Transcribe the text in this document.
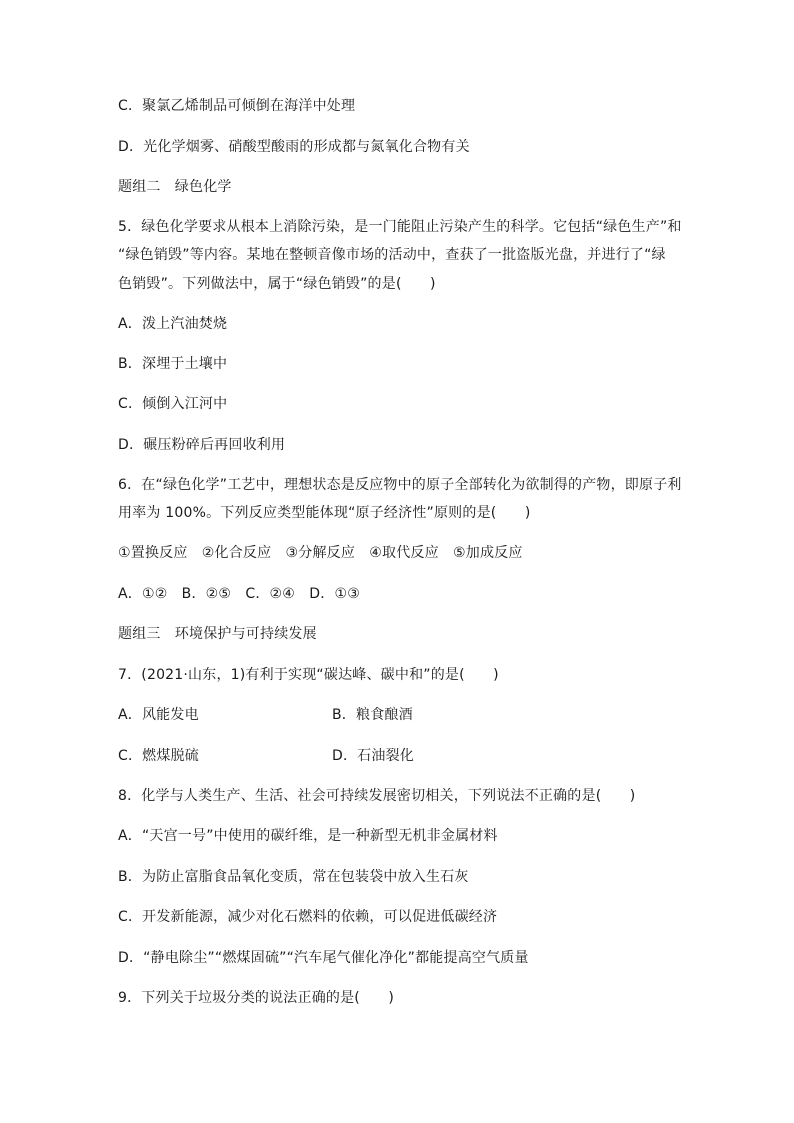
C．聚氯乙烯制品可倾倒在海洋中处理
D．光化学烟雾、硝酸型酸雨的形成都与氮氧化合物有关
题组二　绿色化学
5．绿色化学要求从根本上消除污染，是一门能阻止污染产生的科学。它包括“绿色生产”和
“绿色销毁”等内容。某地在整顿音像市场的活动中，查获了一批盗版光盘，并进行了“绿
色销毁”。下列做法中，属于“绿色销毁”的是(　　)
A．泼上汽油焚烧
B．深埋于土壤中
C．倾倒入江河中
D．碾压粉碎后再回收利用
6．在“绿色化学”工艺中，理想状态是反应物中的原子全部转化为欲制得的产物，即原子利
用率为 100%。下列反应类型能体现“原子经济性”原则的是(　　)
①置换反应　②化合反应　③分解反应　④取代反应　⑤加成反应
A．①②　B．②⑤　C．②④　D．①③
题组三　环境保护与可持续发展
7．(2021·山东，1)有利于实现“碳达峰、碳中和”的是(　　)
A．风能发电	B．粮食酿酒
C．燃煤脱硫	D．石油裂化
8．化学与人类生产、生活、社会可持续发展密切相关，下列说法不正确的是(　　)
A．“天宫一号”中使用的碳纤维，是一种新型无机非金属材料
B．为防止富脂食品氧化变质，常在包装袋中放入生石灰
C．开发新能源，减少对化石燃料的依赖，可以促进低碳经济
D．“静电除尘”“燃煤固硫”“汽车尾气催化净化”都能提高空气质量
9．下列关于垃圾分类的说法正确的是(　　)
